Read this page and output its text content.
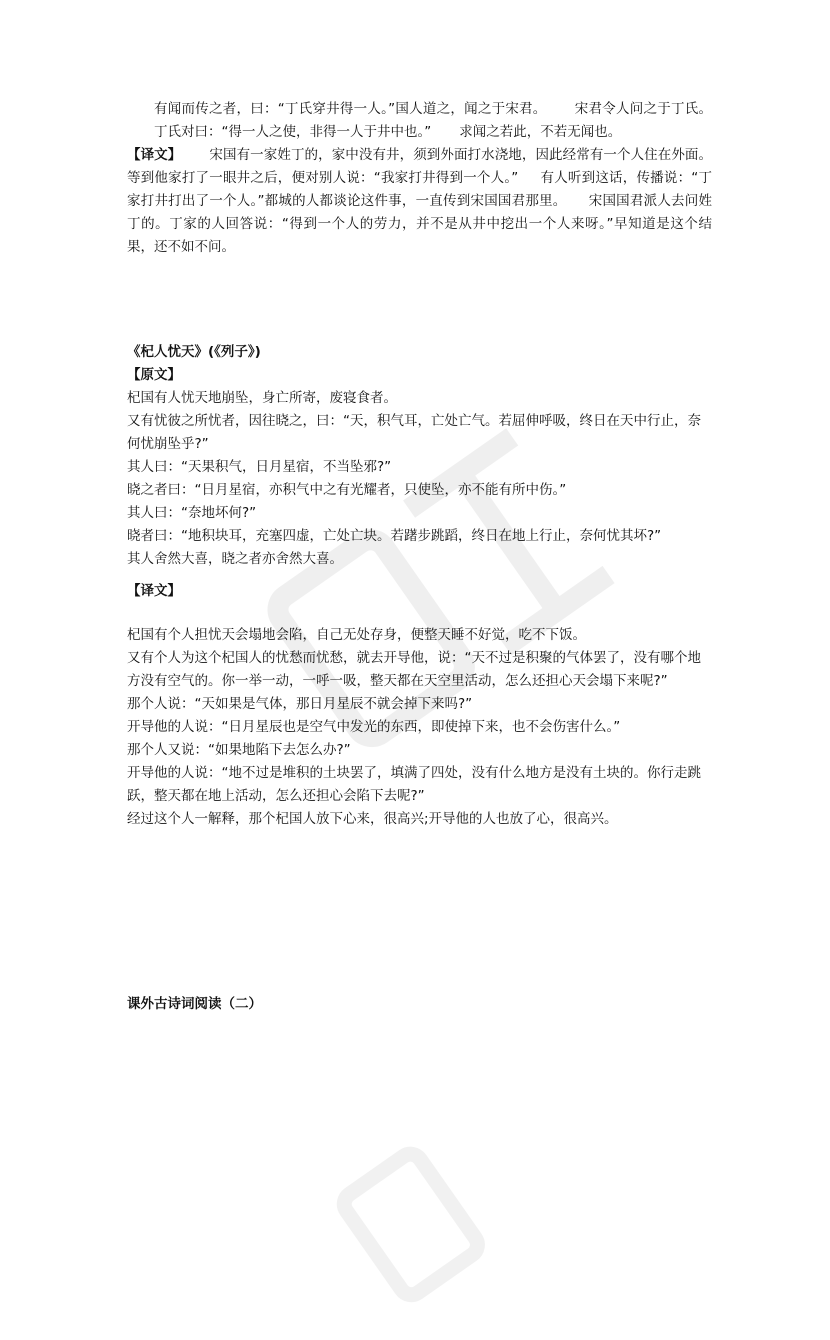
有闻而传之者，曰：“丁氏穿井得一人。”国人道之，闻之于宋君。 宋君令人问之于丁氏。丁氏对曰：“得一人之使，非得一人于井中也。” 求闻之若此，不若无闻也。

【译文】 宋国有一家姓丁的，家中没有井，须到外面打水浇地，因此经常有一个人住在外面。等到他家打了一眼井之后，便对别人说：“我家打井得到一个人。” 有人听到这话，传播说：“丁家打井打出了一个人。”都城的人都谈论这件事，一直传到宋国国君那里。 宋国国君派人去问姓丁的。丁家的人回答说：“得到一个人的劳力，并不是从井中挖出一个人来呀。”早知道是这个结果，还不如不问。

《杞人忧天》(《列子》)

【原文】

杞国有人忧天地崩坠，身亡所寄，废寝食者。

又有忧彼之所忧者，因往晓之，曰：“天，积气耳，亡处亡气。若屈伸呼吸，终日在天中行止，奈何忧崩坠乎?”

其人曰：“天果积气，日月星宿，不当坠邪?”

晓之者曰：“日月星宿，亦积气中之有光耀者，只使坠，亦不能有所中伤。”

其人曰：“奈地坏何?”

晓者曰：“地积块耳，充塞四虚，亡处亡块。若躇步跳蹈，终日在地上行止，奈何忧其坏?”

其人舍然大喜，晓之者亦舍然大喜。

【译文】

杞国有个人担忧天会塌地会陷，自己无处存身，便整天睡不好觉，吃不下饭。

又有个人为这个杞国人的忧愁而忧愁，就去开导他，说：“天不过是积聚的气体罢了，没有哪个地方没有空气的。你一举一动，一呼一吸，整天都在天空里活动，怎么还担心天会塌下来呢?”

那个人说：“天如果是气体，那日月星辰不就会掉下来吗?”

开导他的人说：“日月星辰也是空气中发光的东西，即使掉下来，也不会伤害什么。”

那个人又说：“如果地陷下去怎么办?”

开导他的人说：“地不过是堆积的土块罢了，填满了四处，没有什么地方是没有土块的。你行走跳跃，整天都在地上活动，怎么还担心会陷下去呢?”

经过这个人一解释，那个杞国人放下心来，很高兴;开导他的人也放了心，很高兴。

课外古诗词阅读（二）
